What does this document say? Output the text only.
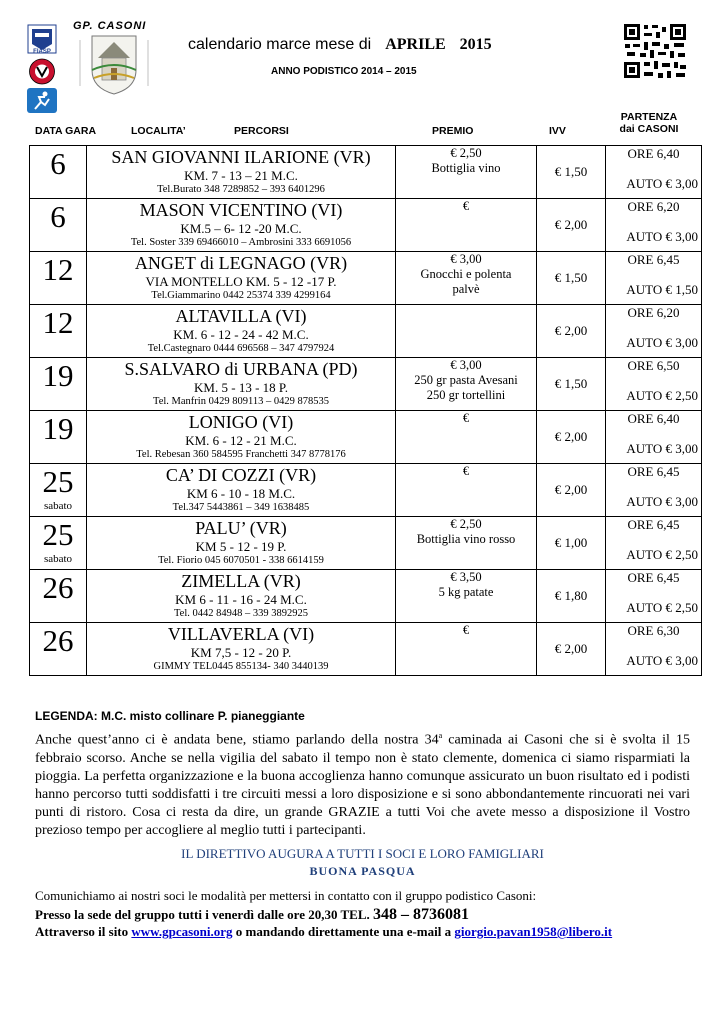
FIASP
GP. CASONI
calendario marce mese di APRILE 2015
ANNO PODISTICO 2014 – 2015
DATA GARA	LOCALITA’	PERCORSI	PREMIO	IVV
PARTENZA
dai CASONI
6	SAN GIOVANNI ILARIONE (VR)
KM. 7 - 13 – 21 M.C.
Tel.Burato 348 7289852 – 393 6401296	€ 2,50
Bottiglia vino	€ 1,50	ORE 6,40
AUTO € 3,00

6	MASON VICENTINO (VI)
KM.5 – 6- 12 -20 M.C.
Tel. Soster 339 69466010 – Ambrosini 333 6691056	€	€ 2,00	ORE 6,20
AUTO € 3,00

12	ANGET di LEGNAGO (VR)
VIA MONTELLO KM. 5 - 12 -17 P.
Tel.Giammarino 0442 25374 339 4299164	€ 3,00
Gnocchi e polenta
palvè	€ 1,50	ORE 6,45
AUTO € 1,50

12	ALTAVILLA (VI)
KM. 6 - 12 - 24 - 42 M.C.
Tel.Castegnaro 0444 696568 – 347 4797924		€ 2,00	ORE 6,20
AUTO € 3,00

19	S.SALVARO di URBANA (PD)
KM. 5 - 13 - 18 P.
Tel. Manfrin 0429 809113 – 0429 878535	€ 3,00
250 gr pasta Avesani
250 gr tortellini	€ 1,50	ORE 6,50
AUTO € 2,50

19	LONIGO (VI)
KM. 6 - 12 - 21 M.C.
Tel. Rebesan 360 584595 Franchetti 347 8778176	€	€ 2,00	ORE 6,40
AUTO € 3,00

25
sabato	CA’ DI COZZI (VR)
KM 6 - 10 - 18 M.C.
Tel.347 5443861 – 349 1638485	€	€ 2,00	ORE 6,45
AUTO € 3,00

25
sabato	PALU’ (VR)
KM 5 - 12 - 19 P.
Tel. Fiorio 045 6070501 - 338 6614159	€ 2,50
Bottiglia vino rosso	€ 1,00	ORE 6,45
AUTO € 2,50

26	ZIMELLA (VR)
KM 6 - 11 - 16 - 24 M.C.
Tel. 0442 84948 – 339 3892925	€ 3,50
5 kg patate	€ 1,80	ORE 6,45
AUTO € 2,50

26	VILLAVERLA (VI)
KM 7,5 - 12 - 20 P.
GIMMY TEL0445 855134- 340 3440139	€	€ 2,00	ORE 6,30
AUTO € 3,00
LEGENDA: M.C. misto collinare P. pianeggiante
Anche quest’anno ci è andata bene, stiamo parlando della nostra 34$^a$ caminada ai Casoni che si è svolta il 15 febbraio scorso. Anche se nella vigilia del sabato il tempo non è stato clemente, domenica ci siamo risparmiati la pioggia. La perfetta organizzazione e la buona accoglienza hanno comunque assicurato un buon risultato ed i podisti hanno percorso tutti soddisfatti i tre circuiti messi a loro disposizione e si sono abbondantemente rincuorati nei vari punti di ristoro. Cosa ci resta da dire, un grande GRAZIE a tutti Voi che avete messo a disposizione il Vostro prezioso tempo per accogliere al meglio tutti i partecipanti.
IL DIRETTIVO AUGURA A TUTTI I SOCI E LORO FAMIGLIARI
BUONA PASQUA
Comunichiamo ai nostri soci le modalità per mettersi in contatto con il gruppo podistico Casoni:
Presso la sede del gruppo tutti i venerdì dalle ore 20,30 TEL. 348 – 8736081
Attraverso il sito www.gpcasoni.org o mandando direttamente una e-mail a giorgio.pavan1958@libero.it
